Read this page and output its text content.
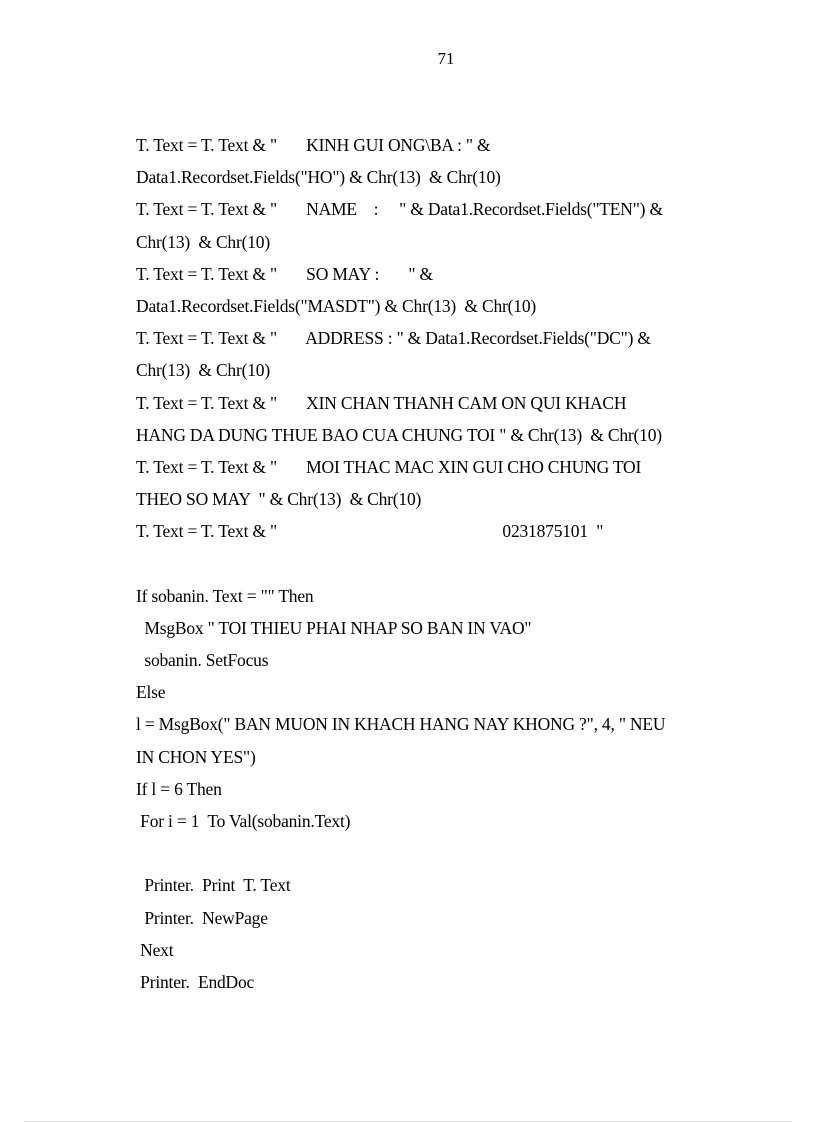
71
T. Text = T. Text & "       KINH GUI ONG\BA : " &
Data1.Recordset.Fields("HO") & Chr(13)  & Chr(10)
T. Text = T. Text & "       NAME    :     " & Data1.Recordset.Fields("TEN") &
Chr(13)  & Chr(10)
T. Text = T. Text & "       SO MAY :       " &
Data1.Recordset.Fields("MASDT") & Chr(13)  & Chr(10)
T. Text = T. Text & "       ADDRESS : " & Data1.Recordset.Fields("DC") &
Chr(13)  & Chr(10)
T. Text = T. Text & "       XIN CHAN THANH CAM ON QUI KHACH
HANG DA DUNG THUE BAO CUA CHUNG TOI " & Chr(13)  & Chr(10)
T. Text = T. Text & "       MOI THAC MAC XIN GUI CHO CHUNG TOI
THEO SO MAY  " & Chr(13)  & Chr(10)
T. Text = T. Text & "                                                      0231875101  "
If sobanin. Text = "" Then
MsgBox " TOI THIEU PHAI NHAP SO BAN IN VAO"
sobanin. SetFocus
Else
l = MsgBox(" BAN MUON IN KHACH HANG NAY KHONG ?", 4, " NEU
IN CHON YES")
If l = 6 Then
For i = 1  To Val(sobanin.Text)
Printer.  Print  T. Text
Printer.  NewPage
Next
Printer.  EndDoc
